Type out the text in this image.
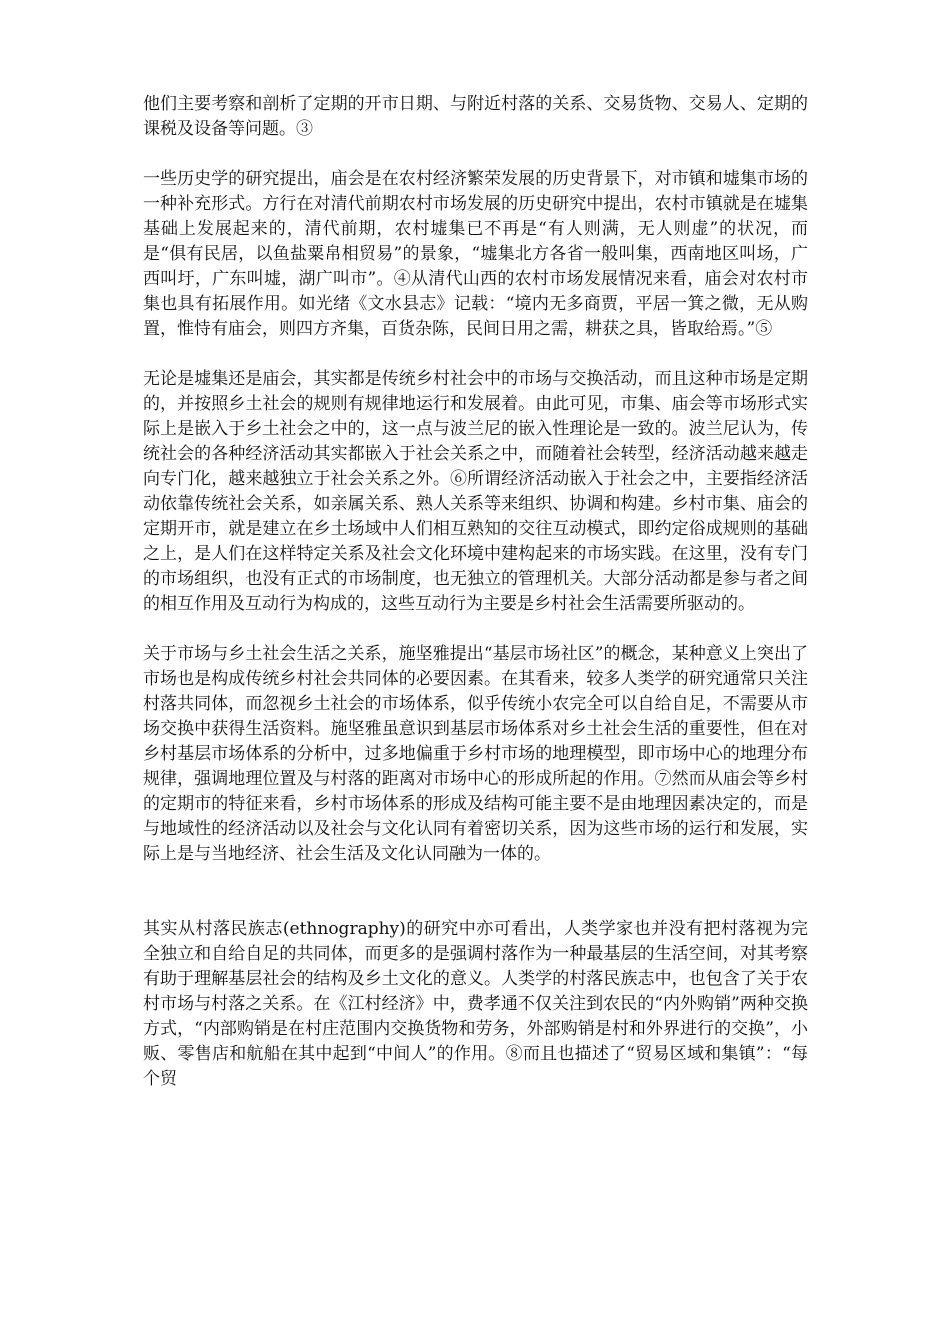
他们主要考察和剖析了定期的开市日期、与附近村落的关系、交易货物、交易人、定期的课税及设备等问题。③

一些历史学的研究提出，庙会是在农村经济繁荣发展的历史背景下，对市镇和墟集市场的一种补充形式。方行在对清代前期农村市场发展的历史研究中提出，农村市镇就是在墟集基础上发展起来的，清代前期，农村墟集已不再是“有人则满，无人则虚”的状况，而是“俱有民居，以鱼盐粟帛相贸易”的景象，“墟集北方各省一般叫集，西南地区叫场，广西叫圩，广东叫墟，湖广叫市”。④从清代山西的农村市场发展情况来看，庙会对农村市集也具有拓展作用。如光绪《文水县志》记载：“境内无多商贾，平居一箕之微，无从购置，惟恃有庙会，则四方齐集，百货杂陈，民间日用之需，耕获之具，皆取给焉。”⑤

无论是墟集还是庙会，其实都是传统乡村社会中的市场与交换活动，而且这种市场是定期的，并按照乡土社会的规则有规律地运行和发展着。由此可见，市集、庙会等市场形式实际上是嵌入于乡土社会之中的，这一点与波兰尼的嵌入性理论是一致的。波兰尼认为，传统社会的各种经济活动其实都嵌入于社会关系之中，而随着社会转型，经济活动越来越走向专门化，越来越独立于社会关系之外。⑥所谓经济活动嵌入于社会之中，主要指经济活动依靠传统社会关系，如亲属关系、熟人关系等来组织、协调和构建。乡村市集、庙会的定期开市，就是建立在乡土场域中人们相互熟知的交往互动模式，即约定俗成规则的基础之上，是人们在这样特定关系及社会文化环境中建构起来的市场实践。在这里，没有专门的市场组织，也没有正式的市场制度，也无独立的管理机关。大部分活动都是参与者之间的相互作用及互动行为构成的，这些互动行为主要是乡村社会生活需要所驱动的。

关于市场与乡土社会生活之关系，施坚雅提出“基层市场社区”的概念，某种意义上突出了市场也是构成传统乡村社会共同体的必要因素。在其看来，较多人类学的研究通常只关注村落共同体，而忽视乡土社会的市场体系，似乎传统小农完全可以自给自足，不需要从市场交换中获得生活资料。施坚雅虽意识到基层市场体系对乡土社会生活的重要性，但在对乡村基层市场体系的分析中，过多地偏重于乡村市场的地理模型，即市场中心的地理分布规律，强调地理位置及与村落的距离对市场中心的形成所起的作用。⑦然而从庙会等乡村的定期市的特征来看，乡村市场体系的形成及结构可能主要不是由地理因素决定的，而是与地域性的经济活动以及社会与文化认同有着密切关系，因为这些市场的运行和发展，实际上是与当地经济、社会生活及文化认同融为一体的。

其实从村落民族志(ethnography)的研究中亦可看出，人类学家也并没有把村落视为完全独立和自给自足的共同体，而更多的是强调村落作为一种最基层的生活空间，对其考察有助于理解基层社会的结构及乡土文化的意义。人类学的村落民族志中，也包含了关于农村市场与村落之关系。在《江村经济》中，费孝通不仅关注到农民的“内外购销”两种交换方式，“内部购销是在村庄范围内交换货物和劳务，外部购销是村和外界进行的交换”，小贩、零售店和航船在其中起到“中间人”的作用。⑧而且也描述了“贸易区域和集镇”：“每个贸
